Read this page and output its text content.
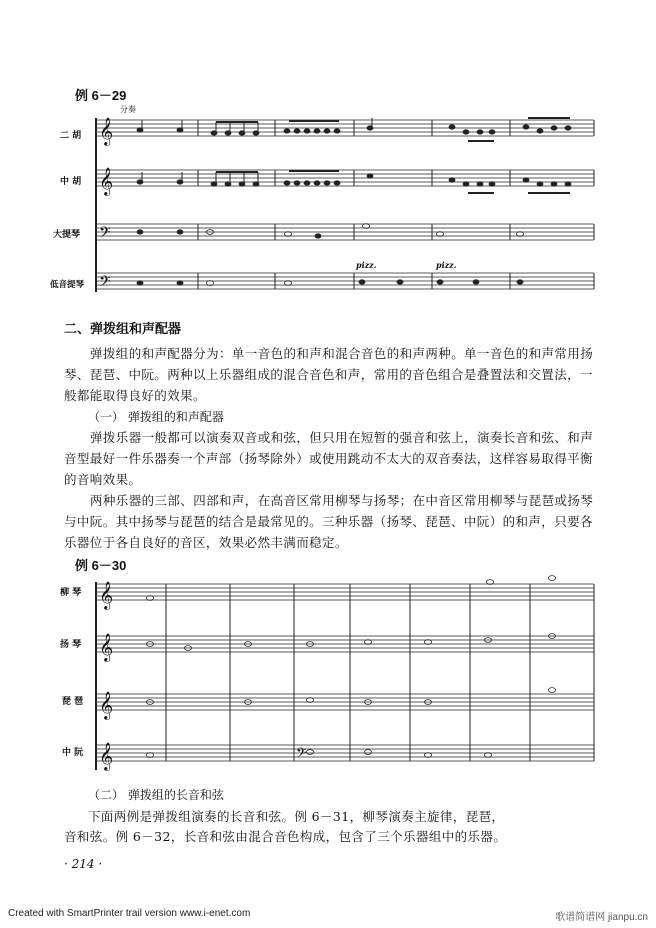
例 6－29
分奏
二 胡
中 胡
大提琴
低音提琴
pizz.	pizz.
𝄞
𝄞
𝄢
𝄢
二、弹拨组和声配器
弹拨组的和声配器分为：单一音色的和声和混合音色的和声两种。单一音色的和声常用扬琴、琵琶、中阮。两种以上乐器组成的混合音色和声，常用的音色组合是叠置法和交置法，一般都能取得良好的效果。
（一） 弹拨组的和声配器
弹拨乐器一般都可以演奏双音或和弦，但只用在短暂的强音和弦上，演奏长音和弦、和声音型最好一件乐器奏一个声部（扬琴除外）或使用跳动不太大的双音奏法，这样容易取得平衡的音响效果。
两种乐器的三部、四部和声，在高音区常用柳琴与扬琴；在中音区常用柳琴与琵琶或扬琴与中阮。其中扬琴与琵琶的结合是最常见的。三种乐器（扬琴、琵琶、中阮）的和声，只要各乐器位于各自良好的音区，效果必然丰满而稳定。
例 6－30
柳 琴
扬 琴
琵 琶
中 阮
𝄞
𝄞
𝄞
𝄞	𝄢
（二） 弹拨组的长音和弦
下面两例是弹拨组演奏的长音和弦。例 6－31，柳琴演奏主旋律，琵琶，
音和弦。例 6－32，长音和弦由混合音色构成，包含了三个乐器组中的乐器。
· 214 ·
Created with SmartPrinter trail version www.i-enet.com	歌谱简谱网 jianpu.cn
